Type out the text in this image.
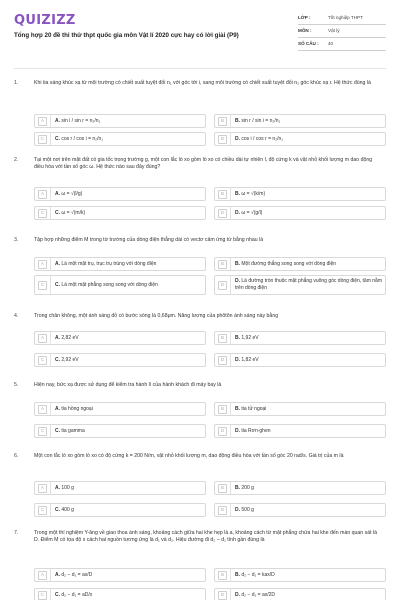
QUIZIZZ
Tổng hợp 20 đề thi thử thpt quốc gia môn Vật lí 2020 cực hay có lời giải (P9)
LỚP :	Tốt nghiệp THPT
MÔN :	Vật lý
SỐ CÂU :	40
1.	Khi tia sáng khúc xạ từ môi trường có chiết suất tuyệt đối n₁ với góc tới i, sang môi trường có chiết suất tuyệt đối n₂ góc khúc xạ r. Hệ thức đúng là
A	A. sin i / sin r = n₂/n₁	B	B. sin r / sin i = n₂/n₁
C	C. cos r / cos i = n₂/n₁	D	D. cos i / cos r = n₂/n₁
2.	Tại một nơi trên mặt đất có gia tốc trọng trường g, một con lắc lò xo gồm lò xo có chiều dài tự nhiên l, độ cứng k và vật nhỏ khối lượng m dao động điều hòa với tần số góc ω. Hệ thức nào sau đây đúng?
A	A. ω = √(l/g)	B	B. ω = √(k/m)
C	C. ω = √(m/k)	D	D. ω = √(g/l)
3.	Tập hợp những điểm M trong từ trường của dòng điện thẳng dài có vectơ cảm ứng từ bằng nhau là
A	A. Là một mặt trụ, trục trụ trùng với dòng điện	B	B. Một đường thẳng song song với dòng điện
C	C. Là một mặt phẳng song song với dòng điện	D
D. Là đường tròn thuộc mặt phẳng vuông góc dòng điện, tâm nằm trên dòng điện
4.	Trong chân không, một ánh sáng đỏ có bước sóng là 0,68μm. Năng lượng của phôtôn ánh sáng này bằng
A	A. 2,82 eV	B	B. 1,92 eV
C	C. 2,92 eV	D	D. 1,82 eV
5.	Hiện nay, bức xạ được sử dụng để kiểm tra hành lí của hành khách đi máy bay là
A	A. tia hồng ngoại	B	B. tia tử ngoại
C	C. tia gamma	D	D. tia Rơn-ghen
6.	Một con lắc lò xo gồm lò xo có độ cứng k = 200 N/m, vật nhỏ khối lượng m, dao động điều hòa với tần số góc 20 rad/s. Giá trị của m là
A	A. 100 g	B	B. 200 g
C	C. 400 g	D	D. 500 g
7.	Trong một thí nghiệm Y-âng về giao thoa ánh sáng, khoảng cách giữa hai khe hẹp là a, khoảng cách từ mặt phẳng chứa hai khe đến màn quan sát là D. Điểm M có tọa độ x cách hai nguồn tương ứng là d₁ và d₂. Hiệu đường đi d₂ − d₁ tính gần đúng là
A	A. d₂ − d₁ = ax/D	B	B. d₂ − d₁ = kax/D
C	C. d₂ − d₁ = aD/x	D	D. d₂ − d₁ = ax/2D
